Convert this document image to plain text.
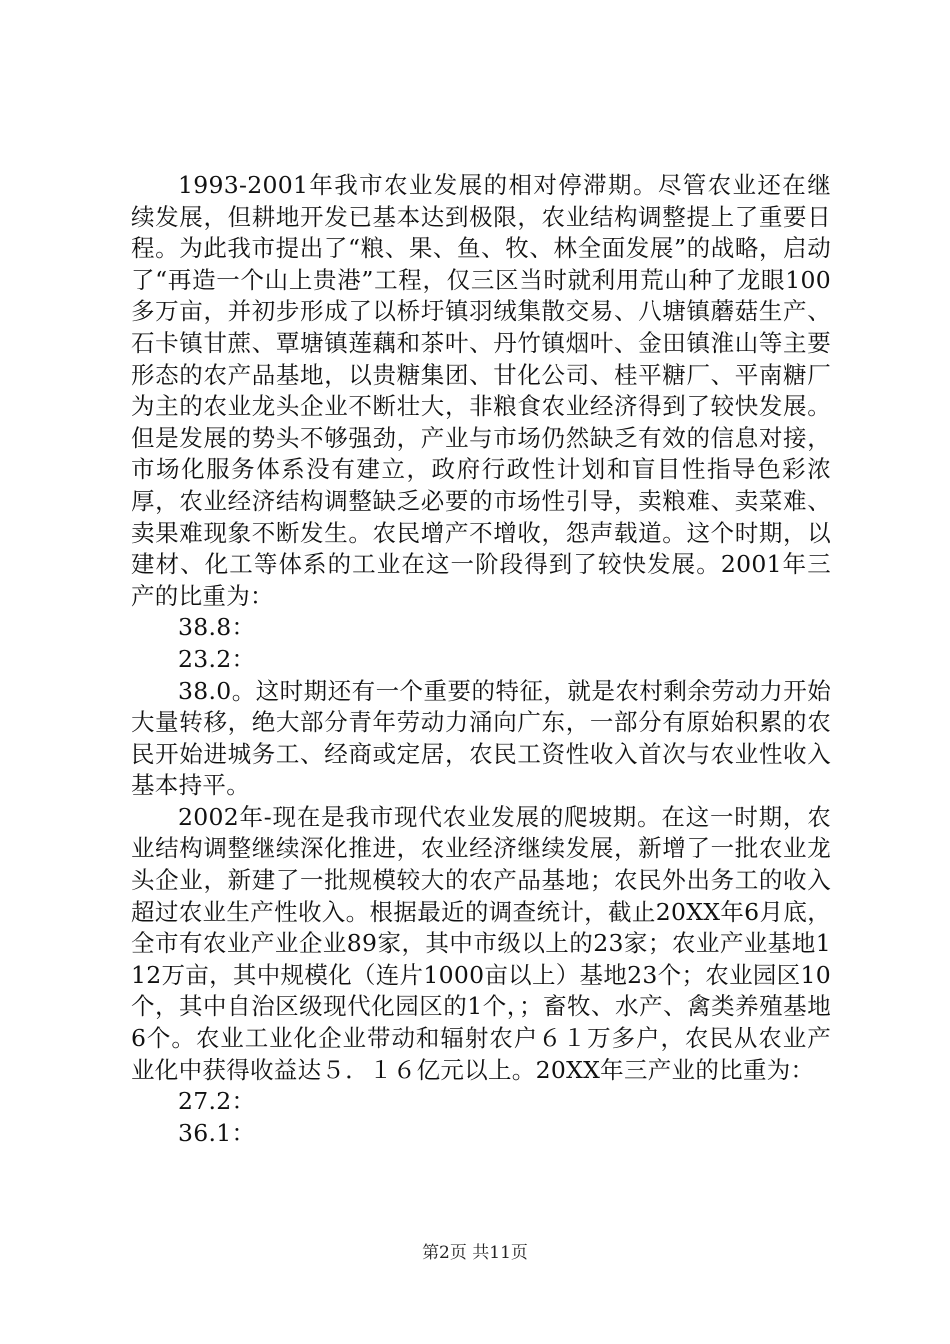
1993-2001年我市农业发展的相对停滞期。尽管农业还在继续发展，但耕地开发已基本达到极限，农业结构调整提上了重要日程。为此我市提出了“粮、果、鱼、牧、林全面发展”的战略，启动了“再造一个山上贵港”工程，仅三区当时就利用荒山种了龙眼100多万亩，并初步形成了以桥圩镇羽绒集散交易、八塘镇蘑菇生产、石卡镇甘蔗、覃塘镇莲藕和茶叶、丹竹镇烟叶、金田镇淮山等主要形态的农产品基地，以贵糖集团、甘化公司、桂平糖厂、平南糖厂为主的农业龙头企业不断壮大，非粮食农业经济得到了较快发展。但是发展的势头不够强劲，产业与市场仍然缺乏有效的信息对接，市场化服务体系没有建立，政府行政性计划和盲目性指导色彩浓厚，农业经济结构调整缺乏必要的市场性引导，卖粮难、卖菜难、卖果难现象不断发生。农民增产不增收，怨声载道。这个时期，以建材、化工等体系的工业在这一阶段得到了较快发展。2001年三产的比重为：

38.8：

23.2：

38.0。这时期还有一个重要的特征，就是农村剩余劳动力开始大量转移，绝大部分青年劳动力涌向广东，一部分有原始积累的农民开始进城务工、经商或定居，农民工资性收入首次与农业性收入基本持平。

2002年-现在是我市现代农业发展的爬坡期。在这一时期，农业结构调整继续深化推进，农业经济继续发展，新增了一批农业龙头企业，新建了一批规模较大的农产品基地；农民外出务工的收入超过农业生产性收入。根据最近的调查统计，截止20XX年6月底，全市有农业产业企业89家，其中市级以上的23家；农业产业基地112万亩，其中规模化（连片1000亩以上）基地23个；农业园区10个，其中自治区级现代化园区的1个，；畜牧、水产、禽类养殖基地6个。农业工业化企业带动和辐射农户６１万多户，农民从农业产业化中获得收益达５．１６亿元以上。20XX年三产业的比重为：

27.2：

36.1：

第2页 共11页
